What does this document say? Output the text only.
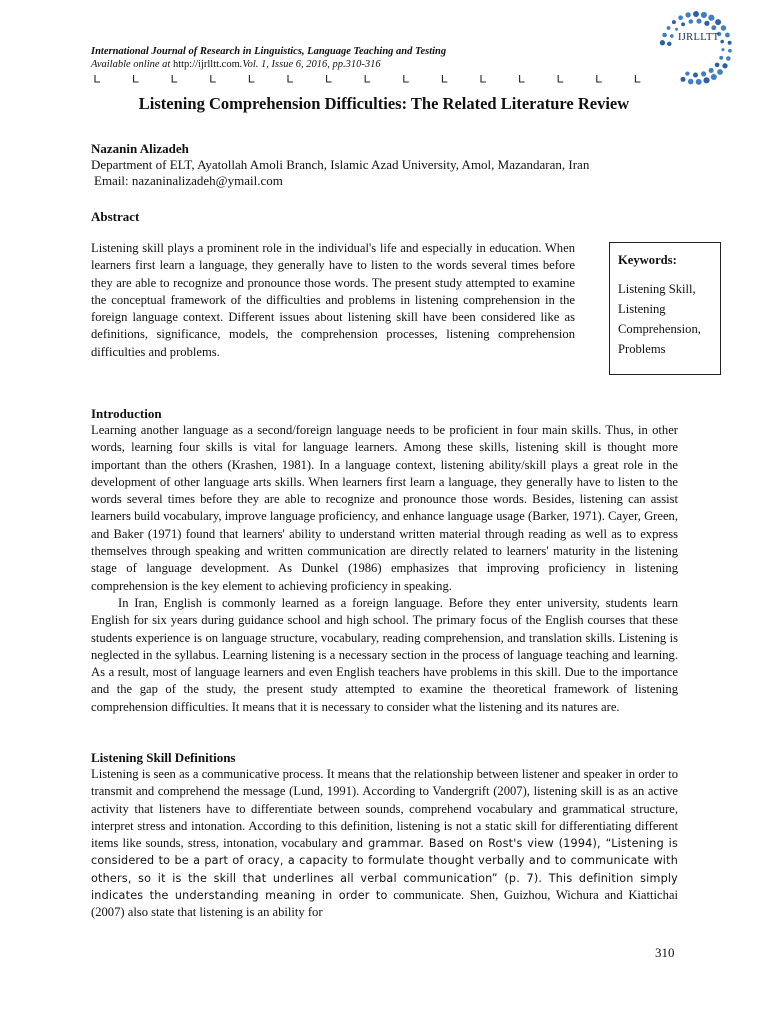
International Journal of Research in Linguistics, Language Teaching and Testing
Available online at http://ijrlltt.com.Vol. 1, Issue 6, 2016, pp.310-316
IJRLLTT
Listening Comprehension Difficulties: The Related Literature Review
Nazanin Alizadeh
Department of ELT, Ayatollah Amoli Branch, Islamic Azad University, Amol, Mazandaran, Iran
Email: nazaninalizadeh@ymail.com
Abstract

Listening skill plays a prominent role in the individual's life and especially in education. When learners first learn a language, they generally have to listen to the words several times before they are able to recognize and pronounce those words. The present study attempted to examine the conceptual framework of the difficulties and problems in listening comprehension in the foreign language context. Different issues about listening skill have been considered like as definitions, significance, models, the comprehension processes, listening comprehension difficulties and problems.

Keywords:
Listening Skill, Listening Comprehension, Problems
Introduction

Learning another language as a second/foreign language needs to be proficient in four main skills. Thus, in other words, learning four skills is vital for language learners. Among these skills, listening skill is thought more important than the others (Krashen, 1981). In a language context, listening ability/skill plays a great role in the development of other language arts skills. When learners first learn a language, they generally have to listen to the words several times before they are able to recognize and pronounce those words. Besides, listening can assist learners build vocabulary, improve language proficiency, and enhance language usage (Barker, 1971). Cayer, Green, and Baker (1971) found that learners' ability to understand written material through reading as well as to express themselves through speaking and written communication are directly related to learners' maturity in the listening stage of language development. As Dunkel (1986) emphasizes that improving proficiency in listening comprehension is the key element to achieving proficiency in speaking.

In Iran, English is commonly learned as a foreign language. Before they enter university, students learn English for six years during guidance school and high school. The primary focus of the English courses that these students experience is on language structure, vocabulary, reading comprehension, and translation skills. Listening is neglected in the syllabus. Learning listening is a necessary section in the process of language teaching and learning. As a result, most of language learners and even English teachers have problems in this skill. Due to the importance and the gap of the study, the present study attempted to examine the theoretical framework of listening comprehension difficulties. It means that it is necessary to consider what the listening and its natures are.

Listening Skill Definitions

Listening is seen as a communicative process. It means that the relationship between listener and speaker in order to transmit and comprehend the message (Lund, 1991). According to Vandergrift (2007), listening skill is as an active activity that listeners have to differentiate between sounds, comprehend vocabulary and grammatical structure, interpret stress and intonation. According to this definition, listening is not a static skill for differentiating different items like sounds, stress, intonation, vocabulary and grammar. Based on Rost's view (1994), “Listening is considered to be a part of oracy, a capacity to formulate thought verbally and to communicate with others, so it is the skill that underlines all verbal communication” (p. 7). This definition simply indicates the understanding meaning in order to communicate. Shen, Guizhou, Wichura and Kiattichai (2007) also state that listening is an ability for

310
